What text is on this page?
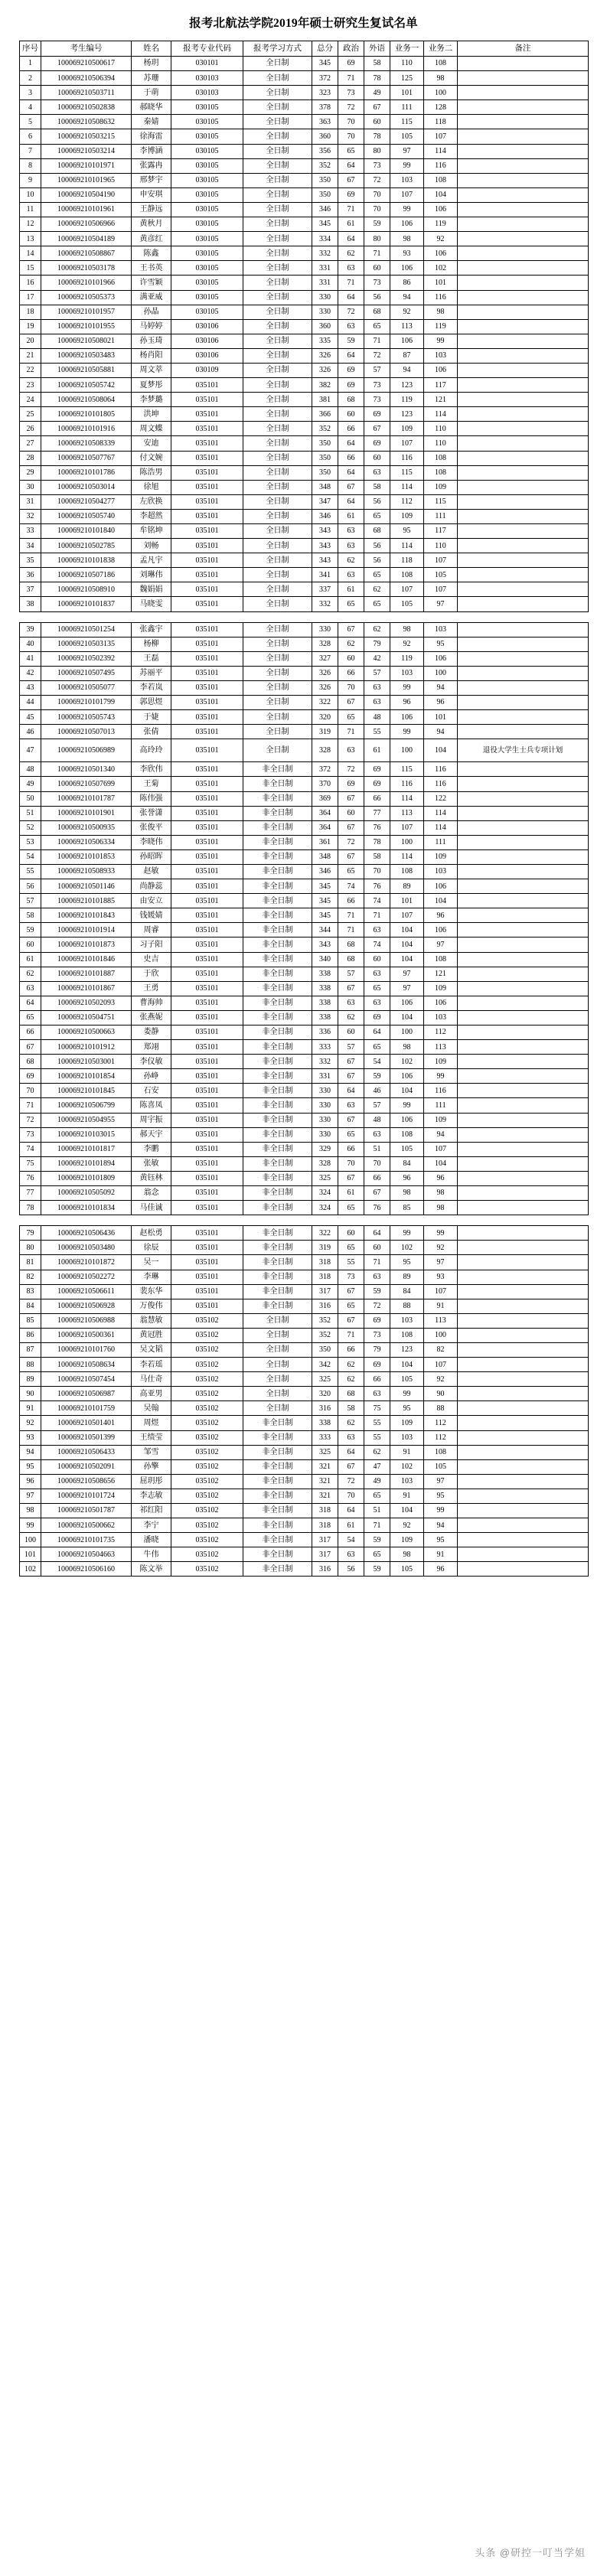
报考北航法学院2019年硕士研究生复试名单
序号	考生编号	姓名	报考专业代码	报考学习方式	总分	政治	外语	业务一	业务二	备注
1	100069210500617	杨玥	030101	全日制	345	69	58	110	108	
2	100069210506394	苏珊	030103	全日制	372	71	78	125	98	
3	100069210503711	于萌	030103	全日制	323	73	49	101	100	
4	100069210502838	郝晓华	030105	全日制	378	72	67	111	128	
5	100069210508632	秦婧	030105	全日制	363	70	60	115	118	
6	100069210503215	徐海雷	030105	全日制	360	70	78	105	107	
7	100069210503214	李博涵	030105	全日制	356	65	80	97	114	
8	100069210101971	张露冉	030105	全日制	352	64	73	99	116	
9	100069210101965	邢梦宇	030105	全日制	350	67	72	103	108	
10	100069210504190	申安琪	030105	全日制	350	69	70	107	104	
11	100069210101961	王静远	030105	全日制	346	71	70	99	106	
12	100069210506966	黄秋月	030105	全日制	345	61	59	106	119	
13	100069210504189	黄彦红	030105	全日制	334	64	80	98	92	
14	100069210508867	陈鑫	030105	全日制	332	62	71	93	106	
15	100069210503178	王书英	030105	全日制	331	63	60	106	102	
16	100069210101966	许雪颖	030105	全日制	331	71	73	86	101	
17	100069210505373	满亚威	030105	全日制	330	64	56	94	116	
18	100069210101957	孙晶	030105	全日制	330	72	68	92	98	
19	100069210101955	马婷婷	030106	全日制	360	63	65	113	119	
20	100069210508021	孙玉琦	030106	全日制	335	59	71	106	99	
21	100069210503483	杨肖阳	030106	全日制	326	64	72	87	103	
22	100069210505881	周文萃	030109	全日制	326	69	57	94	106	
23	100069210505742	夏梦彤	035101	全日制	382	69	73	123	117	
24	100069210508064	李梦璐	035101	全日制	381	68	73	119	121	
25	100069210101805	洪坤	035101	全日制	366	60	69	123	114	
26	100069210101916	周文蝶	035101	全日制	352	66	67	109	110	
27	100069210508339	安迪	035101	全日制	350	64	69	107	110	
28	100069210507767	付文婉	035101	全日制	350	66	60	116	108	
29	100069210101786	陈浩男	035101	全日制	350	64	63	115	108	
30	100069210503014	徐旭	035101	全日制	348	67	58	114	109	
31	100069210504277	左欣换	035101	全日制	347	64	56	112	115	
32	100069210505740	李超然	035101	全日制	346	61	65	109	111	
33	100069210101840	牟铭坤	035101	全日制	343	63	68	95	117	
34	100069210502785	刘畅	035101	全日制	343	63	56	114	110	
35	100069210101838	孟凡宇	035101	全日制	343	62	56	118	107	
36	100069210507186	刘琳伟	035101	全日制	341	63	65	108	105	
37	100069210508910	魏娟娟	035101	全日制	337	61	62	107	107	
38	100069210101837	马晓雯	035101	全日制	332	65	65	105	97	
39	100069210501254	张鑫宇	035101	全日制	330	67	62	98	103	
40	100069210503135	杨柳	035101	全日制	328	62	79	92	95	
41	100069210502392	王磊	035101	全日制	327	60	42	119	106	
42	100069210507495	苏丽平	035101	全日制	326	66	57	103	100	
43	100069210505077	李若岚	035101	全日制	326	70	63	99	94	
44	100069210101799	郭思煜	035101	全日制	322	67	63	96	96	
45	100069210505743	于婕	035101	全日制	320	65	48	106	101	
46	100069210507013	张倩	035101	全日制	319	71	55	99	94	
47	100069210506989	高玲玲	035101	全日制	328	63	61	100	104	退役大学生士兵专项计划
48	100069210501340	李欣伟	035101	非全日制	372	72	69	115	116	
49	100069210507699	王菊	035101	非全日制	370	69	69	116	116	
50	100069210101787	陈伟强	035101	非全日制	369	67	66	114	122	
51	100069210101901	张誉潇	035101	非全日制	364	60	77	113	114	
52	100069210500935	张俊平	035101	非全日制	364	67	76	107	114	
53	100069210506334	李晓伟	035101	非全日制	361	72	78	100	111	
54	100069210101853	孙昭晖	035101	非全日制	348	67	58	114	109	
55	100069210508933	赵敏	035101	非全日制	346	65	70	108	103	
56	100069210501146	尚静蕊	035101	非全日制	345	74	76	89	106	
57	100069210101885	由安立	035101	非全日制	345	66	74	101	104	
58	100069210101843	钱媛婧	035101	非全日制	345	71	71	107	96	
59	100069210101914	周睿	035101	非全日制	344	71	63	104	106	
60	100069210101873	习子阳	035101	非全日制	343	68	74	104	97	
61	100069210101846	史吉	035101	非全日制	340	68	60	104	108	
62	100069210101887	于欣	035101	非全日制	338	57	63	97	121	
63	100069210101867	王勇	035101	非全日制	338	67	65	97	109	
64	100069210502093	曹海帅	035101	非全日制	338	63	63	106	106	
65	100069210504751	张燕妮	035101	非全日制	338	62	69	104	103	
66	100069210500663	娄静	035101	非全日制	336	60	64	100	112	
67	100069210101912	郑翊	035101	非全日制	333	57	65	98	113	
68	100069210503001	李仪敏	035101	非全日制	332	67	54	102	109	
69	100069210101854	孙峥	035101	非全日制	331	67	59	106	99	
70	100069210101845	石安	035101	非全日制	330	64	46	104	116	
71	100069210506799	陈喜凤	035101	非全日制	330	63	57	99	111	
72	100069210504955	周宇振	035101	非全日制	330	67	48	106	109	
73	100069210103015	郝天宇	035101	非全日制	330	65	63	108	94	
74	100069210101817	李鹏	035101	非全日制	329	66	51	105	107	
75	100069210101894	张敏	035101	非全日制	328	70	70	84	104	
76	100069210101809	黄钰林	035101	非全日制	325	67	66	96	96	
77	100069210505092	翁念	035101	非全日制	324	61	67	98	98	
78	100069210101834	马佳诚	035101	非全日制	324	65	76	85	98	
79	100069210506436	赵松勇	035101	非全日制	322	60	64	99	99	
80	100069210503480	徐辰	035101	非全日制	319	65	60	102	92	
81	100069210101872	吴一	035101	非全日制	318	55	71	95	97	
82	100069210502272	李琳	035101	非全日制	318	73	63	89	93	
83	100069210506611	裴东华	035101	非全日制	317	67	59	84	107	
84	100069210506928	万俊伟	035101	非全日制	316	65	72	88	91	
85	100069210506988	翁慧敏	035102	全日制	352	67	69	103	113	
86	100069210500361	黄冠胜	035102	全日制	352	71	73	108	100	
87	100069210101760	吴文韬	035102	全日制	350	66	79	123	82	
88	100069210508634	李若瑶	035102	全日制	342	62	69	104	107	
89	100069210507454	马仕奇	035102	全日制	325	62	66	105	92	
90	100069210506987	高亚男	035102	全日制	320	68	63	99	90	
91	100069210101759	吴翰	035102	全日制	316	58	75	95	88	
92	100069210501401	周煜	035102	非全日制	338	62	55	109	112	
93	100069210501399	王绩莹	035102	非全日制	333	63	55	103	112	
94	100069210506433	邹雪	035102	非全日制	325	64	62	91	108	
95	100069210502091	孙擎	035102	非全日制	321	67	47	102	105	
96	100069210508656	屈玥彤	035102	非全日制	321	72	49	103	97	
97	100069210101724	李志敏	035102	非全日制	321	70	65	91	95	
98	100069210501787	祁红阳	035102	非全日制	318	64	51	104	99	
99	100069210500662	李宁	035102	非全日制	318	61	71	92	94	
100	100069210101735	潘晓	035102	非全日制	317	54	59	109	95	
101	100069210504663	牛伟	035102	非全日制	317	63	65	98	91	
102	100069210506160	陈文举	035102	非全日制	316	56	59	105	96	
头条 @研控一叮当学姐
